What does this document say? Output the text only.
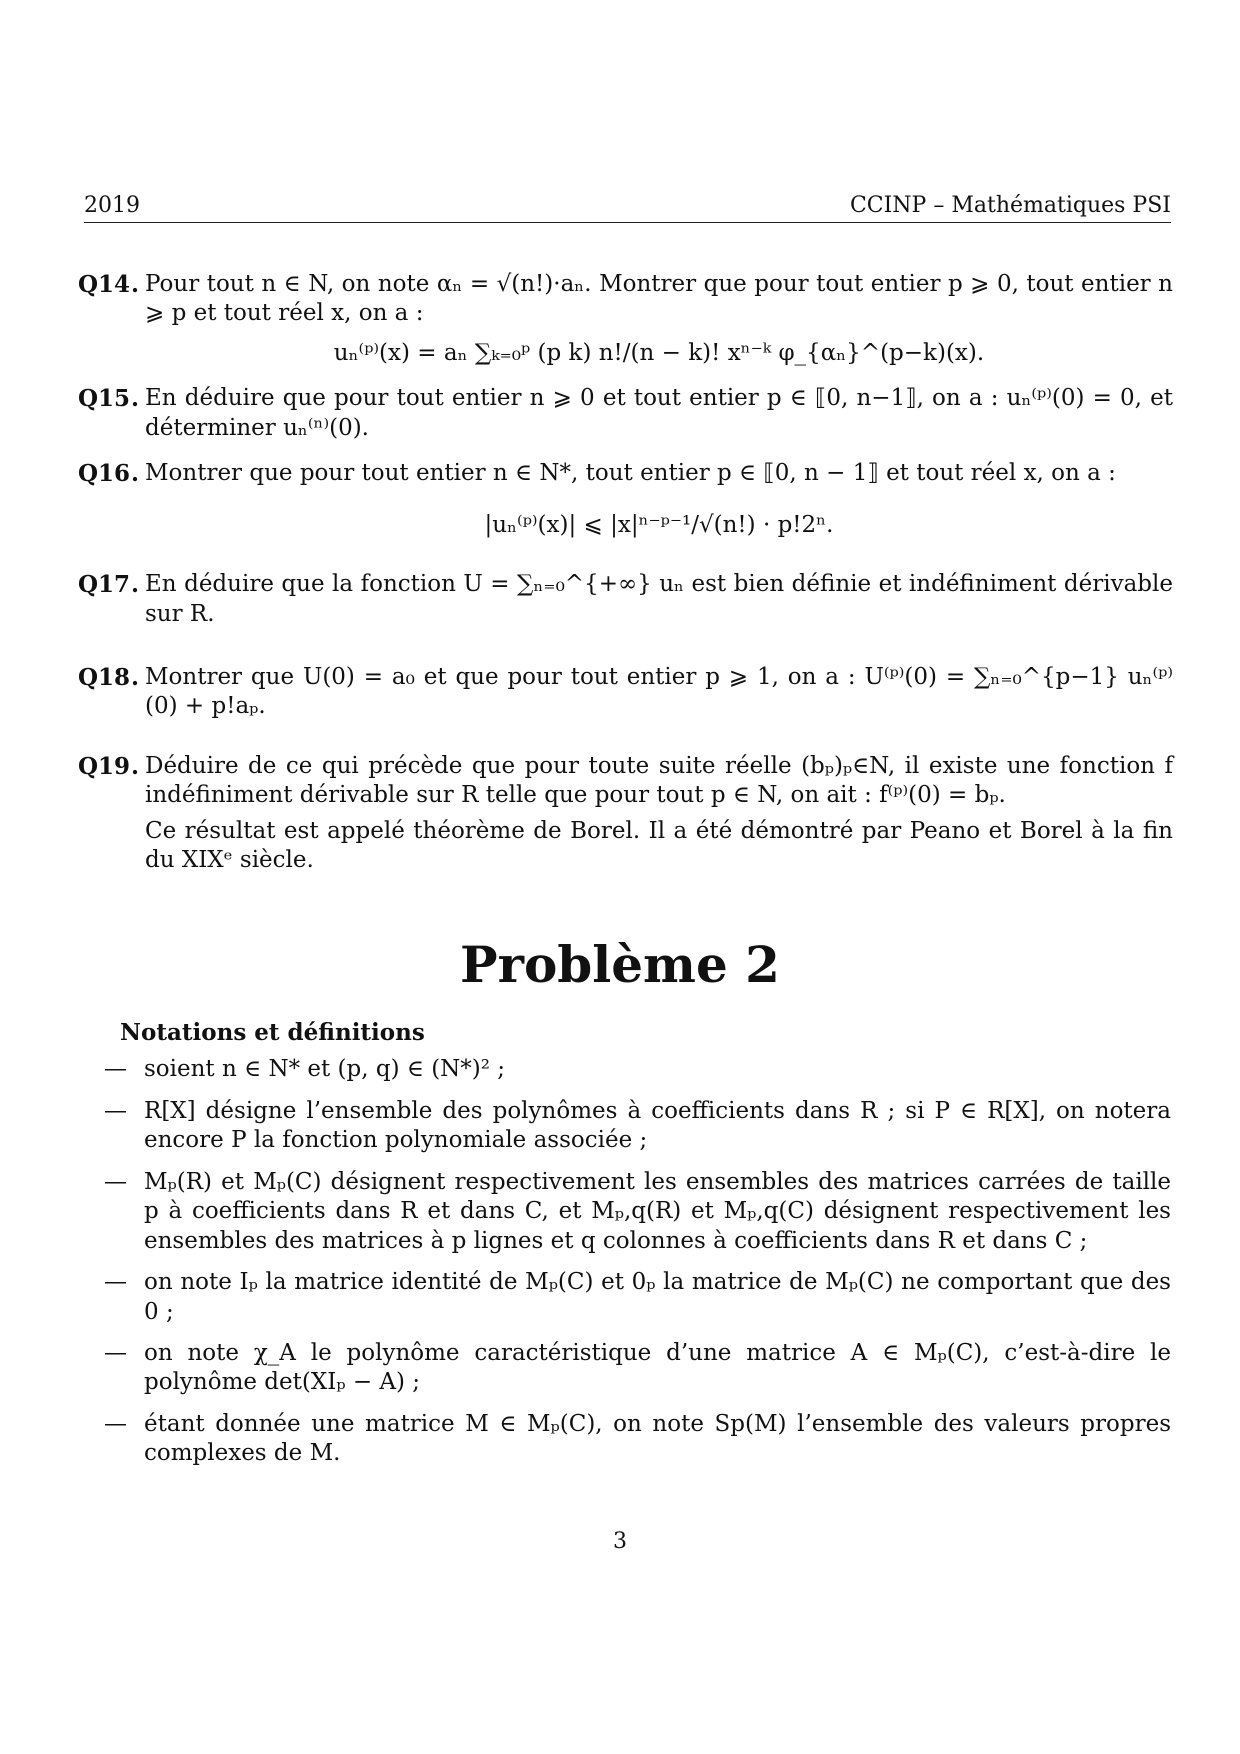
2019	CCINP – Mathématiques PSI
Q14 . Pour tout n ∈ N, on note αₙ = √(n!)·aₙ. Montrer que pour tout entier p ⩾ 0, tout entier n ⩾ p et tout réel x, on a :
uₙ⁽ᵖ⁾(x) = aₙ ∑ₖ₌₀ᵖ (p k) n!/(n − k)! xⁿ⁻ᵏ φ_{αₙ}^(p−k)(x).
Q15 . En déduire que pour tout entier n ⩾ 0 et tout entier p ∈ ⟦0, n−1⟧, on a : uₙ⁽ᵖ⁾(0) = 0, et déterminer uₙ⁽ⁿ⁾(0).
Q16 . Montrer que pour tout entier n ∈ N*, tout entier p ∈ ⟦0, n − 1⟧ et tout réel x, on a :
|uₙ⁽ᵖ⁾(x)| ⩽ |x|ⁿ⁻ᵖ⁻¹/√(n!) · p!2ⁿ.
Q17 . En déduire que la fonction U = ∑ₙ₌₀^{+∞} uₙ est bien définie et indéfiniment dérivable sur R.
Q18 . Montrer que U(0) = a₀ et que pour tout entier p ⩾ 1, on a : U⁽ᵖ⁾(0) = ∑ₙ₌₀^{p−1} uₙ⁽ᵖ⁾(0) + p!aₚ.
Q19 . Déduire de ce qui précède que pour toute suite réelle (bₚ)ₚ∈N, il existe une fonction f indéfiniment dérivable sur R telle que pour tout p ∈ N, on ait : f⁽ᵖ⁾(0) = bₚ.
Ce résultat est appelé théorème de Borel. Il a été démontré par Peano et Borel à la fin du XIXᵉ siècle.
Problème 2
Notations et définitions
— soient n ∈ N* et (p, q) ∈ (N*)² ;
— R[X] désigne l’ensemble des polynômes à coefficients dans R ; si P ∈ R[X], on notera encore P la fonction polynomiale associée ;
— Mₚ(R) et Mₚ(C) désignent respectivement les ensembles des matrices carrées de taille p à coefficients dans R et dans C, et Mₚ,q(R) et Mₚ,q(C) désignent respectivement les ensembles des matrices à p lignes et q colonnes à coefficients dans R et dans C ;
— on note Iₚ la matrice identité de Mₚ(C) et 0ₚ la matrice de Mₚ(C) ne comportant que des 0 ;
— on note χ_A le polynôme caractéristique d’une matrice A ∈ Mₚ(C), c’est-à-dire le polynôme det(XIₚ − A) ;
— étant donnée une matrice M ∈ Mₚ(C), on note Sp(M) l’ensemble des valeurs propres complexes de M.
3
